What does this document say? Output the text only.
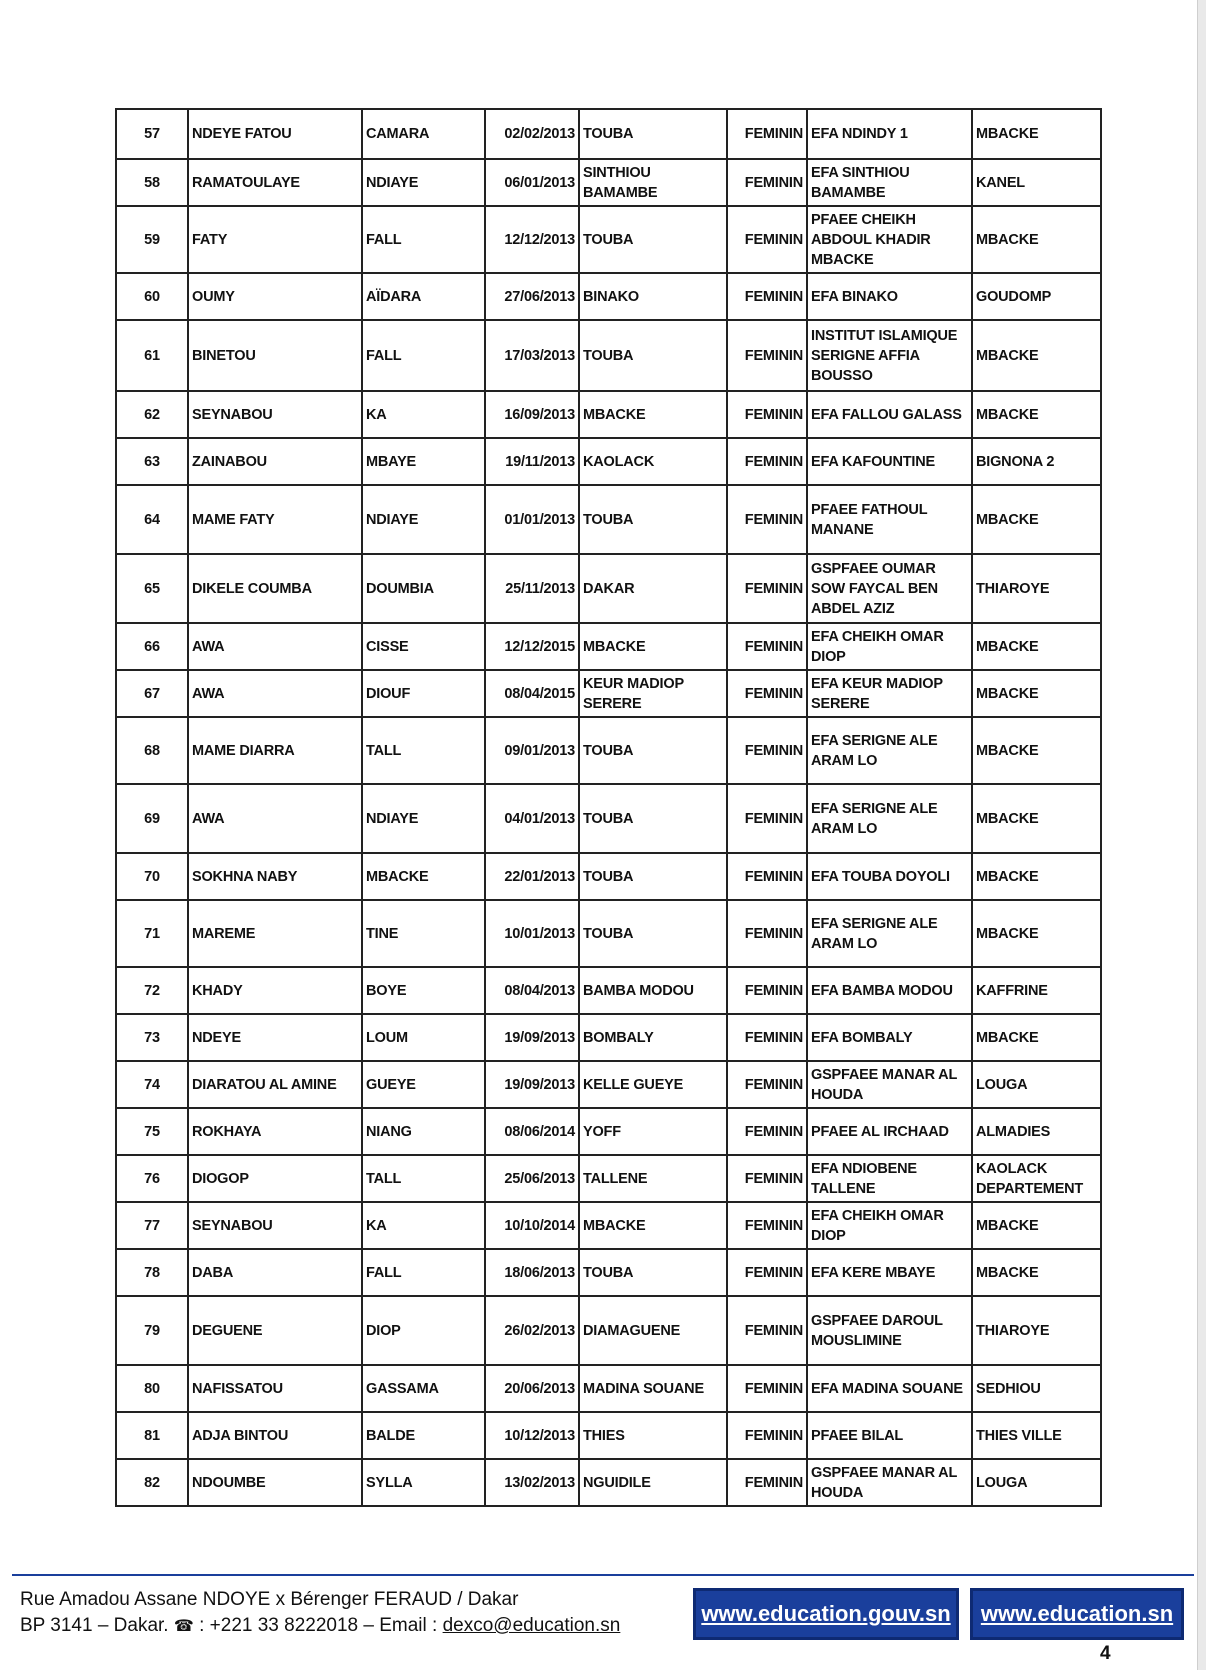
57	NDEYE FATOU	CAMARA	02/02/2013	TOUBA	FEMININ	EFA NDINDY 1	MBACKE
58	RAMATOULAYE	NDIAYE	06/01/2013	SINTHIOU BAMAMBE	FEMININ	EFA SINTHIOU BAMAMBE	KANEL
59	FATY	FALL	12/12/2013	TOUBA	FEMININ	PFAEE CHEIKH ABDOUL KHADIR MBACKE	MBACKE
60	OUMY	AÏDARA	27/06/2013	BINAKO	FEMININ	EFA BINAKO	GOUDOMP
61	BINETOU	FALL	17/03/2013	TOUBA	FEMININ	INSTITUT ISLAMIQUE SERIGNE AFFIA BOUSSO	MBACKE
62	SEYNABOU	KA	16/09/2013	MBACKE	FEMININ	EFA FALLOU GALASS	MBACKE
63	ZAINABOU	MBAYE	19/11/2013	KAOLACK	FEMININ	EFA KAFOUNTINE	BIGNONA 2
64	MAME FATY	NDIAYE	01/01/2013	TOUBA	FEMININ	PFAEE FATHOUL MANANE	MBACKE
65	DIKELE COUMBA	DOUMBIA	25/11/2013	DAKAR	FEMININ	GSPFAEE OUMAR SOW FAYCAL BEN ABDEL AZIZ	THIAROYE
66	AWA	CISSE	12/12/2015	MBACKE	FEMININ	EFA CHEIKH OMAR DIOP	MBACKE
67	AWA	DIOUF	08/04/2015	KEUR MADIOP SERERE	FEMININ	EFA KEUR MADIOP SERERE	MBACKE
68	MAME DIARRA	TALL	09/01/2013	TOUBA	FEMININ	EFA SERIGNE ALE ARAM LO	MBACKE
69	AWA	NDIAYE	04/01/2013	TOUBA	FEMININ	EFA SERIGNE ALE ARAM LO	MBACKE
70	SOKHNA NABY	MBACKE	22/01/2013	TOUBA	FEMININ	EFA TOUBA DOYOLI	MBACKE
71	MAREME	TINE	10/01/2013	TOUBA	FEMININ	EFA SERIGNE ALE ARAM LO	MBACKE
72	KHADY	BOYE	08/04/2013	BAMBA MODOU	FEMININ	EFA BAMBA MODOU	KAFFRINE
73	NDEYE	LOUM	19/09/2013	BOMBALY	FEMININ	EFA BOMBALY	MBACKE
74	DIARATOU AL AMINE	GUEYE	19/09/2013	KELLE GUEYE	FEMININ	GSPFAEE MANAR AL HOUDA	LOUGA
75	ROKHAYA	NIANG	08/06/2014	YOFF	FEMININ	PFAEE AL IRCHAAD	ALMADIES
76	DIOGOP	TALL	25/06/2013	TALLENE	FEMININ	EFA NDIOBENE TALLENE	KAOLACK DEPARTEMENT
77	SEYNABOU	KA	10/10/2014	MBACKE	FEMININ	EFA CHEIKH OMAR DIOP	MBACKE
78	DABA	FALL	18/06/2013	TOUBA	FEMININ	EFA KERE MBAYE	MBACKE
79	DEGUENE	DIOP	26/02/2013	DIAMAGUENE	FEMININ	GSPFAEE DAROUL MOUSLIMINE	THIAROYE
80	NAFISSATOU	GASSAMA	20/06/2013	MADINA SOUANE	FEMININ	EFA MADINA SOUANE	SEDHIOU
81	ADJA BINTOU	BALDE	10/12/2013	THIES	FEMININ	PFAEE BILAL	THIES VILLE
82	NDOUMBE	SYLLA	13/02/2013	NGUIDILE	FEMININ	GSPFAEE MANAR AL HOUDA	LOUGA
Rue Amadou Assane NDOYE x Bérenger FERAUD / Dakar
BP 3141 – Dakar. ☎ : +221 33 8222018 – Email : dexco@education.sn	www.education.gouv.sn	www.education.sn
4
